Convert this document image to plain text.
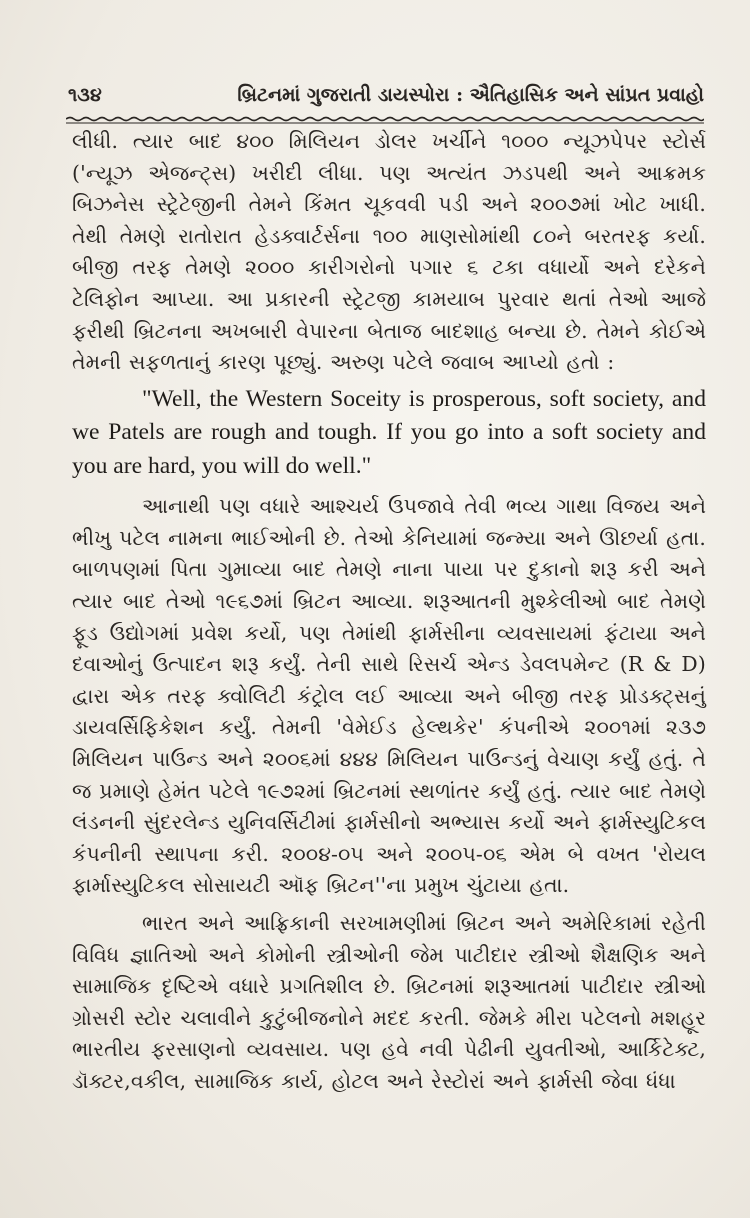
૧૩૪	બ્રિટનમાં ગુજરાતી ડાયસ્પોરા : ઐતિહાસિક અને સાંપ્રત પ્રવાહો

લીધી. ત્યાર બાદ ૪૦૦ મિલિયન ડોલર ખર્ચીને ૧૦૦૦ ન્યૂઝપેપર સ્ટોર્સ ('ન્યૂઝ એજન્ટ્સ) ખરીદી લીધા. પણ અત્યંત ઝડપથી અને આક્રમક બિઝનેસ સ્ટ્રેટેજીની તેમને કિંમત ચૂકવવી પડી અને ૨૦૦૭માં ખોટ ખાધી. તેથી તેમણે રાતોરાત હેડક્વાર્ટર્સના ૧૦૦ માણસોમાંથી ૮૦ને બરતરફ કર્યા. બીજી તરફ તેમણે ૨૦૦૦ કારીગરોનો પગાર ૬ ટકા વધાર્યો અને દરેકને ટેલિફોન આપ્યા. આ પ્રકારની સ્ટ્રેટજી કામયાબ પુરવાર થતાં તેઓ આજે ફરીથી બ્રિટનના અખબારી વેપારના બેતાજ બાદશાહ બન્યા છે. તેમને કોઈએ તેમની સફળતાનું કારણ પૂછ્યું. અરુણ પટેલે જવાબ આપ્યો હતો :

"Well, the Western Soceity is prosperous, soft society, and we Patels are rough and tough. If you go into a soft society and you are hard, you will do well."

આનાથી પણ વધારે આશ્ચર્ય ઉપજાવે તેવી ભવ્ય ગાથા વિજય અને ભીખુ પટેલ નામના ભાઈઓની છે. તેઓ કેનિયામાં જન્મ્યા અને ઊછર્યા હતા. બાળપણમાં પિતા ગુમાવ્યા બાદ તેમણે નાના પાયા પર દુકાનો શરૂ કરી અને ત્યાર બાદ તેઓ ૧૯૬૭માં બ્રિટન આવ્યા. શરૂઆતની મુશ્કેલીઓ બાદ તેમણે ફૂડ ઉદ્યોગમાં પ્રવેશ કર્યો, પણ તેમાંથી ફાર્મસીના વ્યવસાયમાં ફંટાયા અને દવાઓનું ઉત્પાદન શરૂ કર્યું. તેની સાથે રિસર્ચ એન્ડ ડેવલપમેન્ટ (R & D) દ્વારા એક તરફ ક્વોલિટી કંટ્રોલ લઈ આવ્યા અને બીજી તરફ પ્રોડક્ટ્સનું ડાયવર્સિફિકેશન કર્યું. તેમની 'વેમેઈડ હેલ્થકેર' કંપનીએ ૨૦૦૧માં ૨૩૭ મિલિયન પાઉન્ડ અને ૨૦૦૬માં ૪૪૪ મિલિયન પાઉન્ડનું વેચાણ કર્યું હતું. તે જ પ્રમાણે હેમંત પટેલે ૧૯૭૨માં બ્રિટનમાં સ્થળાંતર કર્યું હતું. ત્યાર બાદ તેમણે લંડનની સુંદરલેન્ડ યુનિવર્સિટીમાં ફાર્મસીનો અભ્યાસ કર્યો અને ફાર્મસ્યુટિકલ કંપનીની સ્થાપના કરી. ૨૦૦૪-૦૫ અને ૨૦૦૫-૦૬ એમ બે વખત 'રોયલ ફાર્માસ્યુટિકલ સોસાયટી ઑફ બ્રિટન''ના પ્રમુખ ચુંટાયા હતા.

ભારત અને આફ્રિકાની સરખામણીમાં બ્રિટન અને અમેરિકામાં રહેતી વિવિધ જ્ઞાતિઓ અને કોમોની સ્ત્રીઓની જેમ પાટીદાર સ્ત્રીઓ શૈક્ષણિક અને સામાજિક દૃષ્ટિએ વધારે પ્રગતિશીલ છે. બ્રિટનમાં શરૂઆતમાં પાટીદાર સ્ત્રીઓ ગ્રોસરી સ્ટોર ચલાવીને કુટુંબીજનોને મદદ કરતી. જેમકે મીરા પટેલનો મશહૂર ભારતીય ફરસાણનો વ્યવસાય. પણ હવે નવી પેઢીની યુવતીઓ, આર્કિટેક્ટ, ડૉક્ટર,વકીલ, સામાજિક કાર્ય, હોટલ અને રેસ્ટોરાં અને ફાર્મસી જેવા ધંધા
